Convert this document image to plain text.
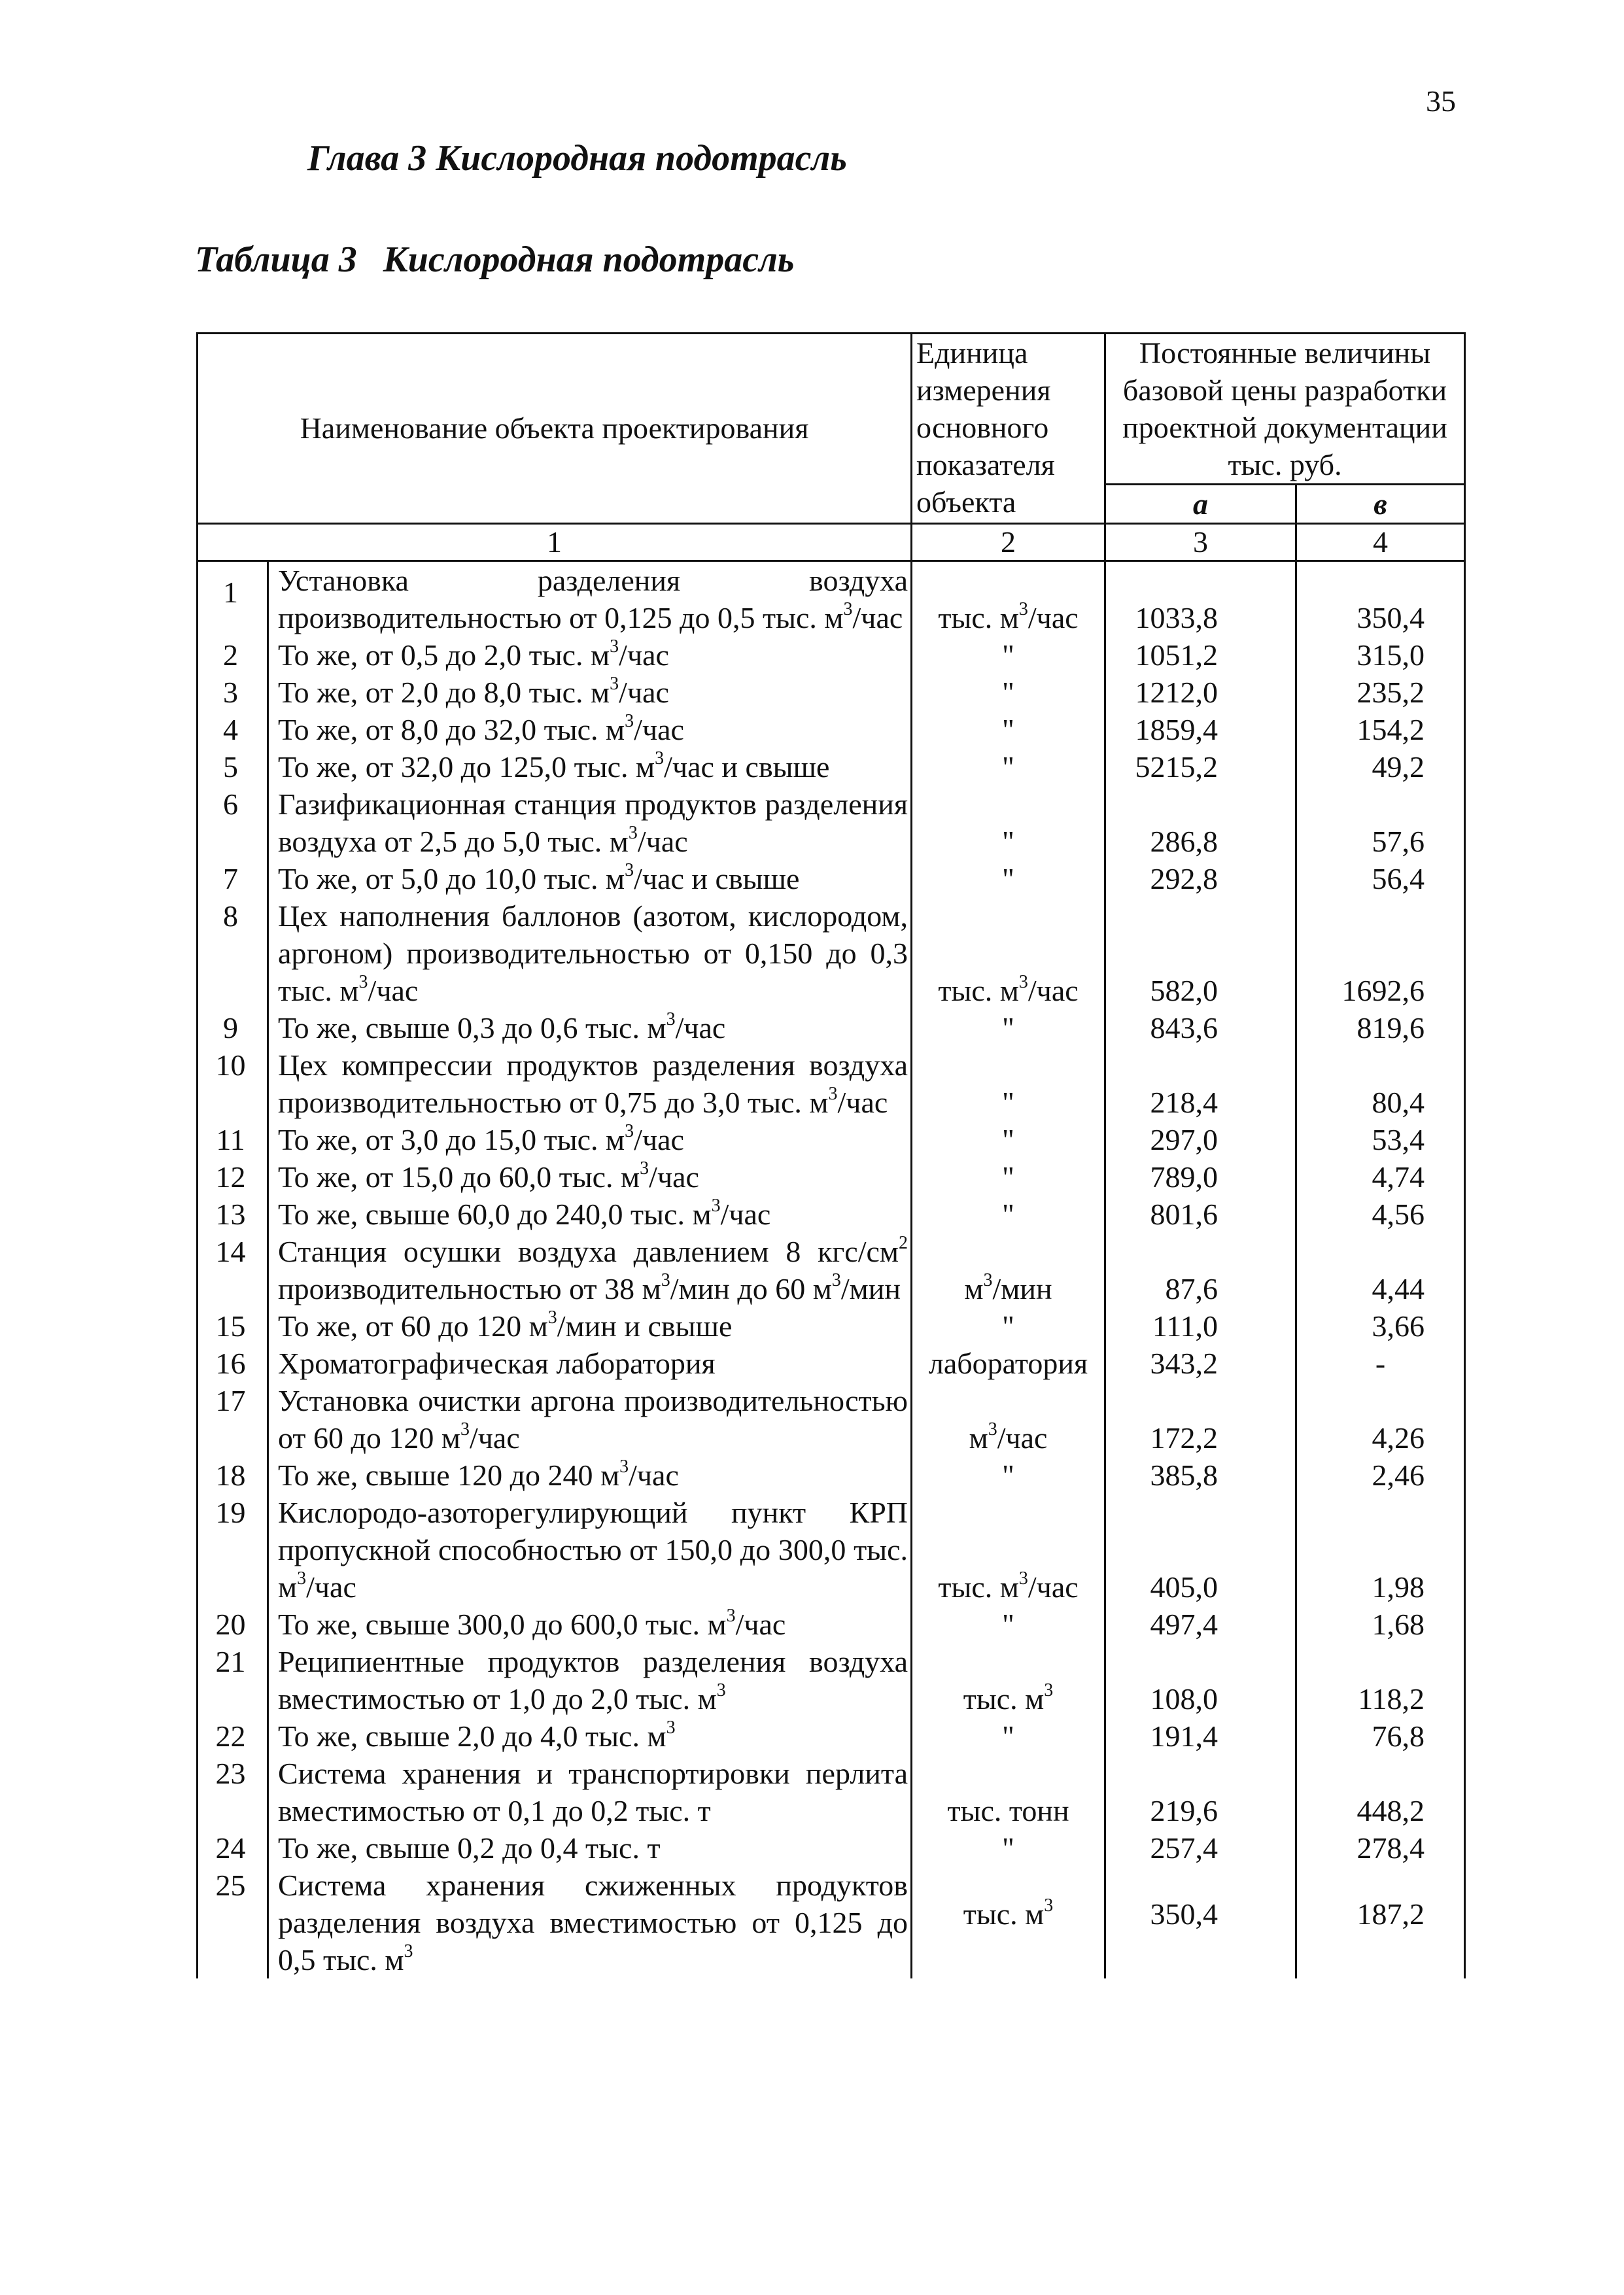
35
Глава 3 Кислородная подотрасль
Таблица 3 Кислородная подотрасль
Наименование объекта проектирования		Единица измерения основного показателя объекта	Постоянные величины базовой цены разработки проектной документации тыс. руб.	
			а	в
1		2	3	4
1	Установка разделения воздуха производительностью от 0,125 до 0,5 тыс. $м^3$/час	тыс. $м^3$/час	1033,8	350,4
2	То же, от 0,5 до 2,0 тыс. $м^3$/час	"	1051,2	315,0
3	То же, от 2,0 до 8,0 тыс. $м^3$/час	"	1212,0	235,2
4	То же, от 8,0 до 32,0 тыс. $м^3$/час	"	1859,4	154,2
5	То же, от 32,0 до 125,0 тыс. $м^3$/час и свыше	"	5215,2	49,2
6	Газификационная станция продуктов разделения воздуха от 2,5 до 5,0 тыс. $м^3$/час	"	286,8	57,6
7	То же, от 5,0 до 10,0 тыс. $м^3$/час и свыше	"	292,8	56,4
8	Цех наполнения баллонов (азотом, кислородом, аргоном) производительностью от 0,150 до 0,3 тыс. $м^3$/час	тыс. $м^3$/час	582,0	1692,6
9	То же, свыше 0,3 до 0,6 тыс. $м^3$/час	"	843,6	819,6
10	Цех компрессии продуктов разделения воздуха производительностью от 0,75 до 3,0 тыс. $м^3$/час	"	218,4	80,4
11	То же, от 3,0 до 15,0 тыс. $м^3$/час	"	297,0	53,4
12	То же, от 15,0 до 60,0 тыс. $м^3$/час	"	789,0	4,74
13	То же, свыше 60,0 до 240,0 тыс. $м^3$/час	"	801,6	4,56
14	Станция осушки воздуха давлением 8 кгс/$см^2$ производительностью от 38 $м^3$/мин до 60 $м^3$/мин	$м^3$/мин	87,6	4,44
15	То же, от 60 до 120 $м^3$/мин и свыше	"	111,0	3,66
16	Хроматографическая лаборатория	лаборатория	343,2	-
17	Установка очистки аргона производительностью от 60 до 120 $м^3$/час	$м^3$/час	172,2	4,26
18	То же, свыше 120 до 240 $м^3$/час	"	385,8	2,46
19	Кислородо-азоторегулирующий пункт КРП пропускной способностью от 150,0 до 300,0 тыс. $м^3$/час	тыс. $м^3$/час	405,0	1,98
20	То же, свыше 300,0 до 600,0 тыс. $м^3$/час	"	497,4	1,68
21	Реципиентные продуктов разделения воздуха вместимостью от 1,0 до 2,0 тыс. $м^3$	тыс. $м^3$	108,0	118,2
22	То же, свыше 2,0 до 4,0 тыс. $м^3$	"	191,4	76,8
23	Система хранения и транспортировки перлита вместимостью от 0,1 до 0,2 тыс. т	тыс. тонн	219,6	448,2
24	То же, свыше 0,2 до 0,4 тыс. т	"	257,4	278,4
25	Система хранения сжиженных продуктов разделения воздуха вместимостью от 0,125 до 0,5 тыс. $м^3$	тыс. $м^3$	350,4	187,2
